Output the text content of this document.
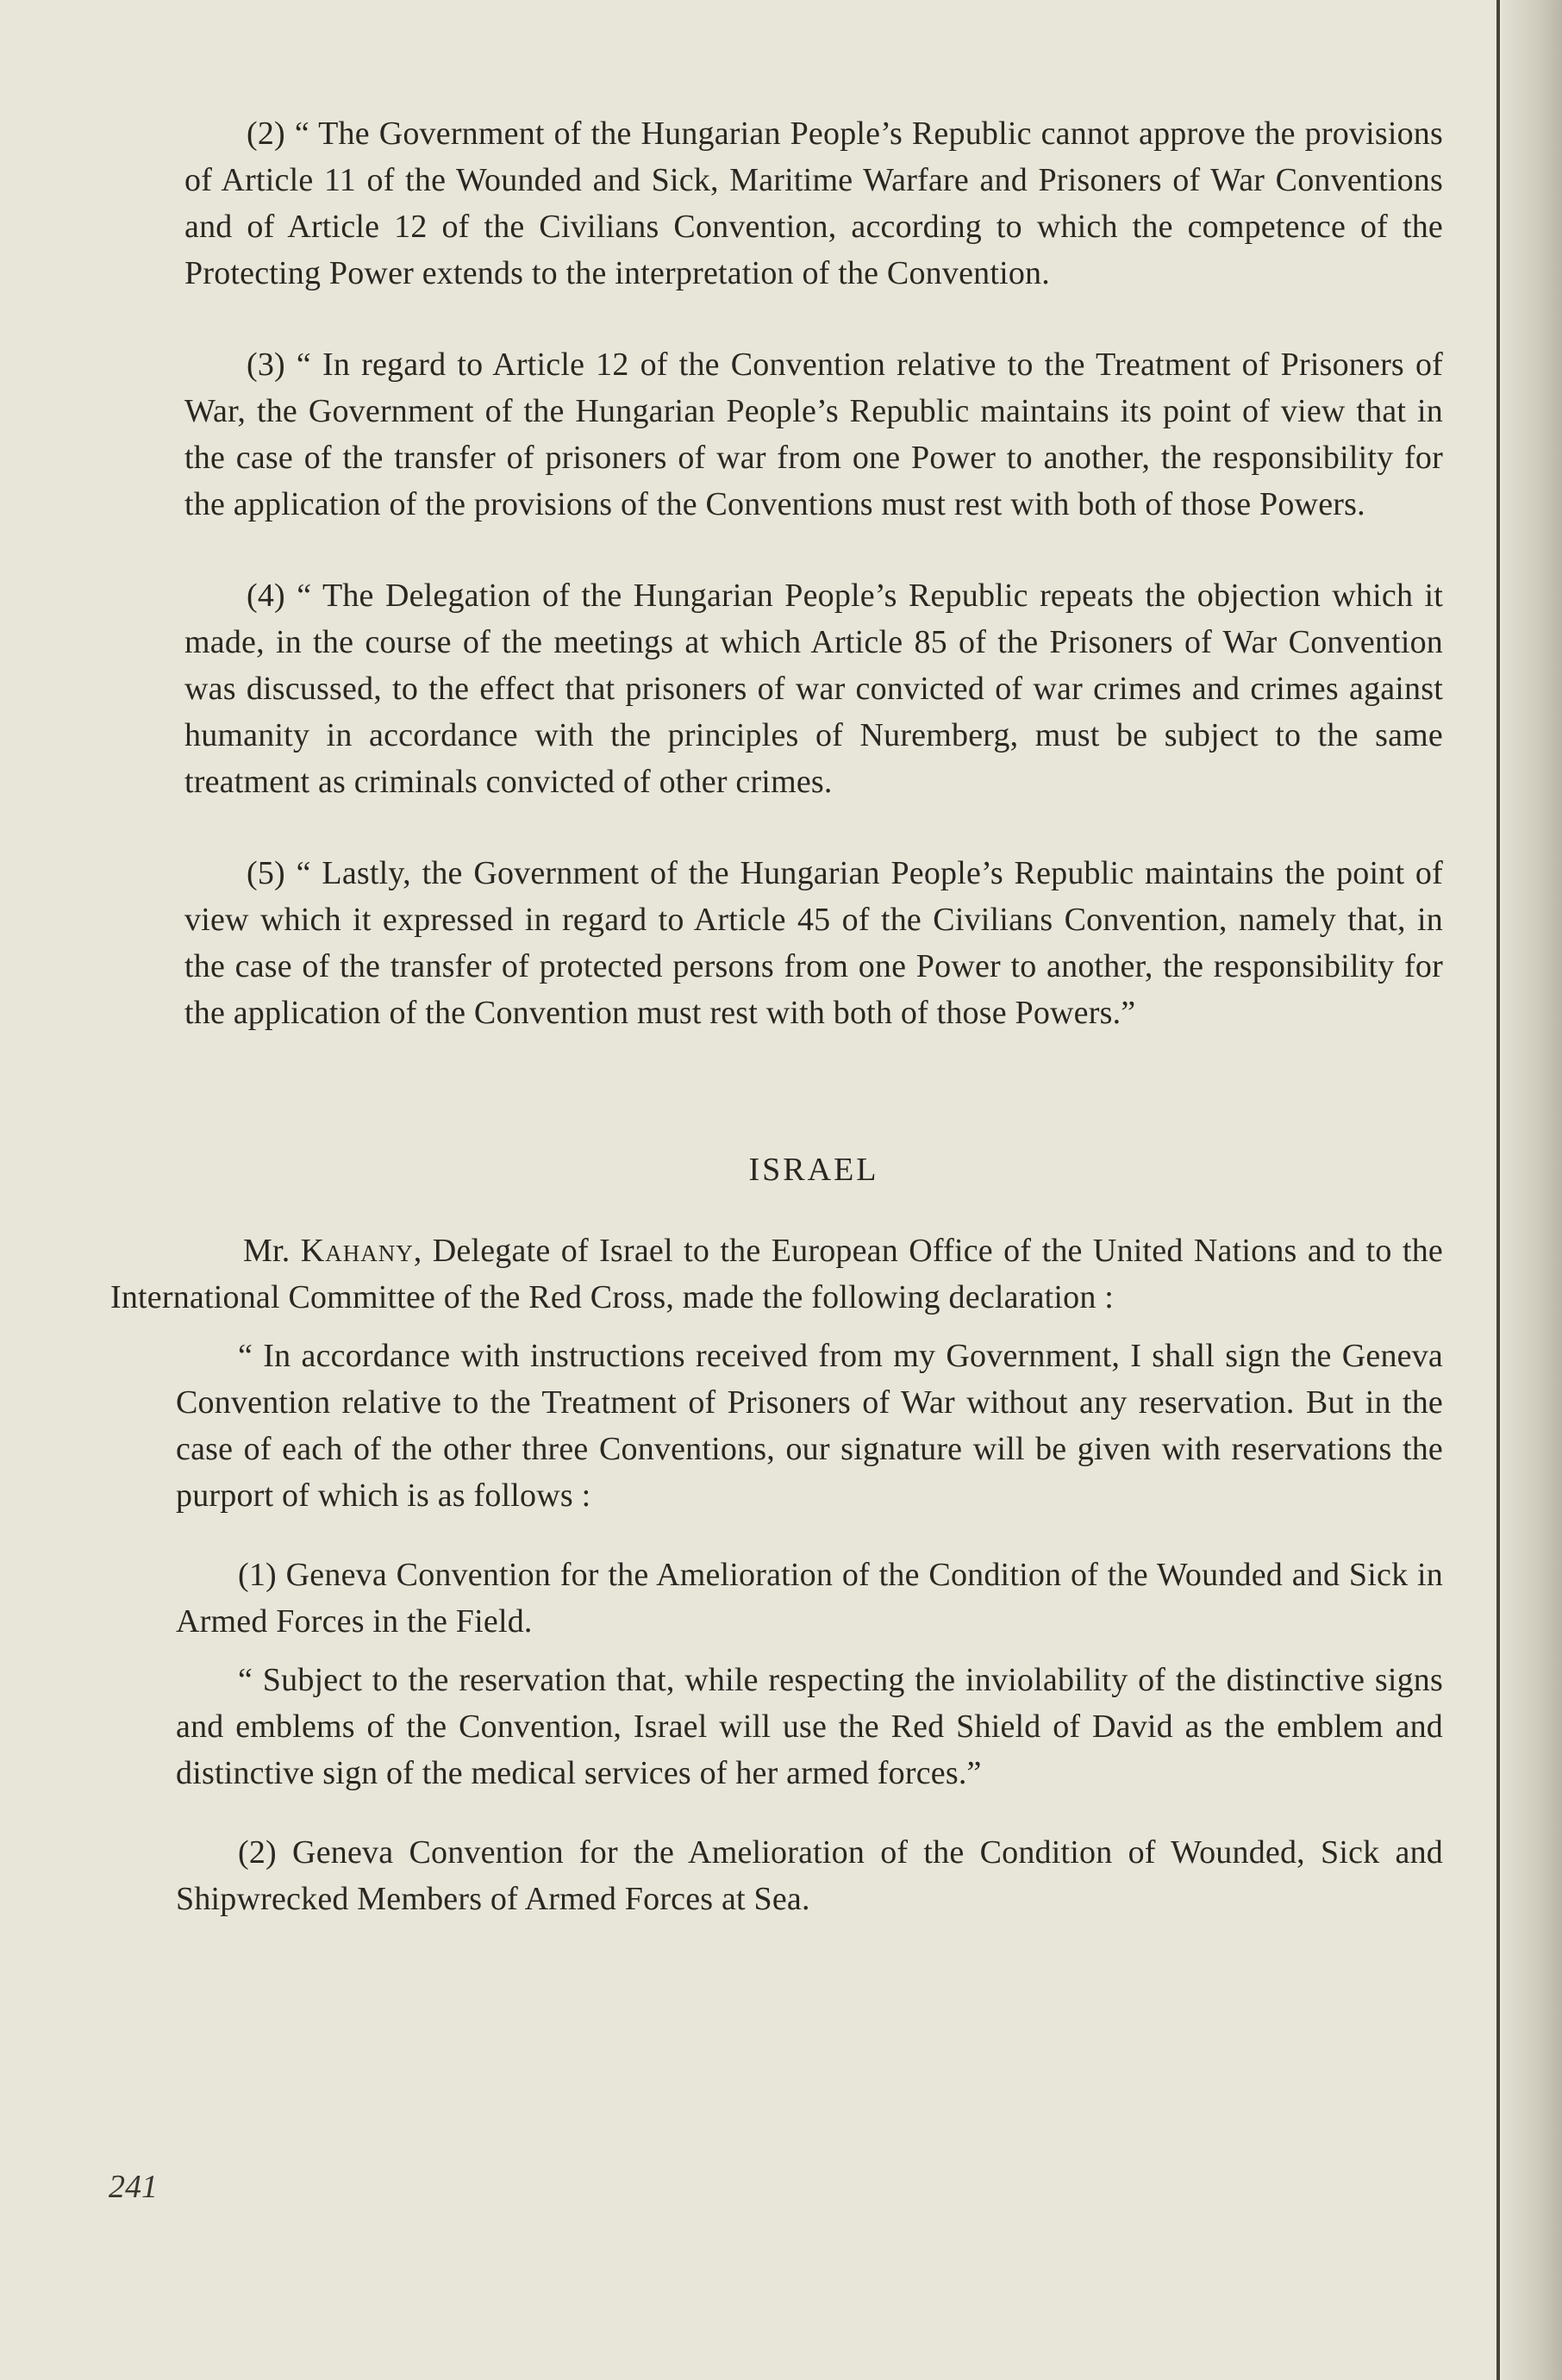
(2) “ The Government of the Hungarian People’s Republic cannot approve the provisions of Article 11 of the Wounded and Sick, Maritime Warfare and Prisoners of War Conventions and of Article 12 of the Civilians Convention, according to which the competence of the Protecting Power extends to the interpretation of the Convention.

(3) “ In regard to Article 12 of the Convention relative to the Treatment of Prisoners of War, the Government of the Hungarian People’s Republic maintains its point of view that in the case of the transfer of prisoners of war from one Power to another, the responsibility for the application of the provisions of the Conventions must rest with both of those Powers.

(4) “ The Delegation of the Hungarian People’s Republic repeats the objection which it made, in the course of the meetings at which Article 85 of the Prisoners of War Convention was discussed, to the effect that prisoners of war convicted of war crimes and crimes against humanity in accordance with the principles of Nuremberg, must be subject to the same treatment as criminals convicted of other crimes.

(5) “ Lastly, the Government of the Hungarian People’s Republic maintains the point of view which it expressed in regard to Article 45 of the Civilians Convention, namely that, in the case of the transfer of protected persons from one Power to another, the responsibility for the application of the Convention must rest with both of those Powers.”

ISRAEL

Mr. Kahany, Delegate of Israel to the European Office of the United Nations and to the International Committee of the Red Cross, made the following declaration :

“ In accordance with instructions received from my Government, I shall sign the Geneva Convention relative to the Treatment of Prisoners of War without any reservation. But in the case of each of the other three Conventions, our signature will be given with reservations the purport of which is as follows :

(1) Geneva Convention for the Amelioration of the Condition of the Wounded and Sick in Armed Forces in the Field.

“ Subject to the reservation that, while respecting the inviolability of the distinctive signs and emblems of the Convention, Israel will use the Red Shield of David as the emblem and distinctive sign of the medical services of her armed forces.”

(2) Geneva Convention for the Amelioration of the Condition of Wounded, Sick and Shipwrecked Members of Armed Forces at Sea.

241
